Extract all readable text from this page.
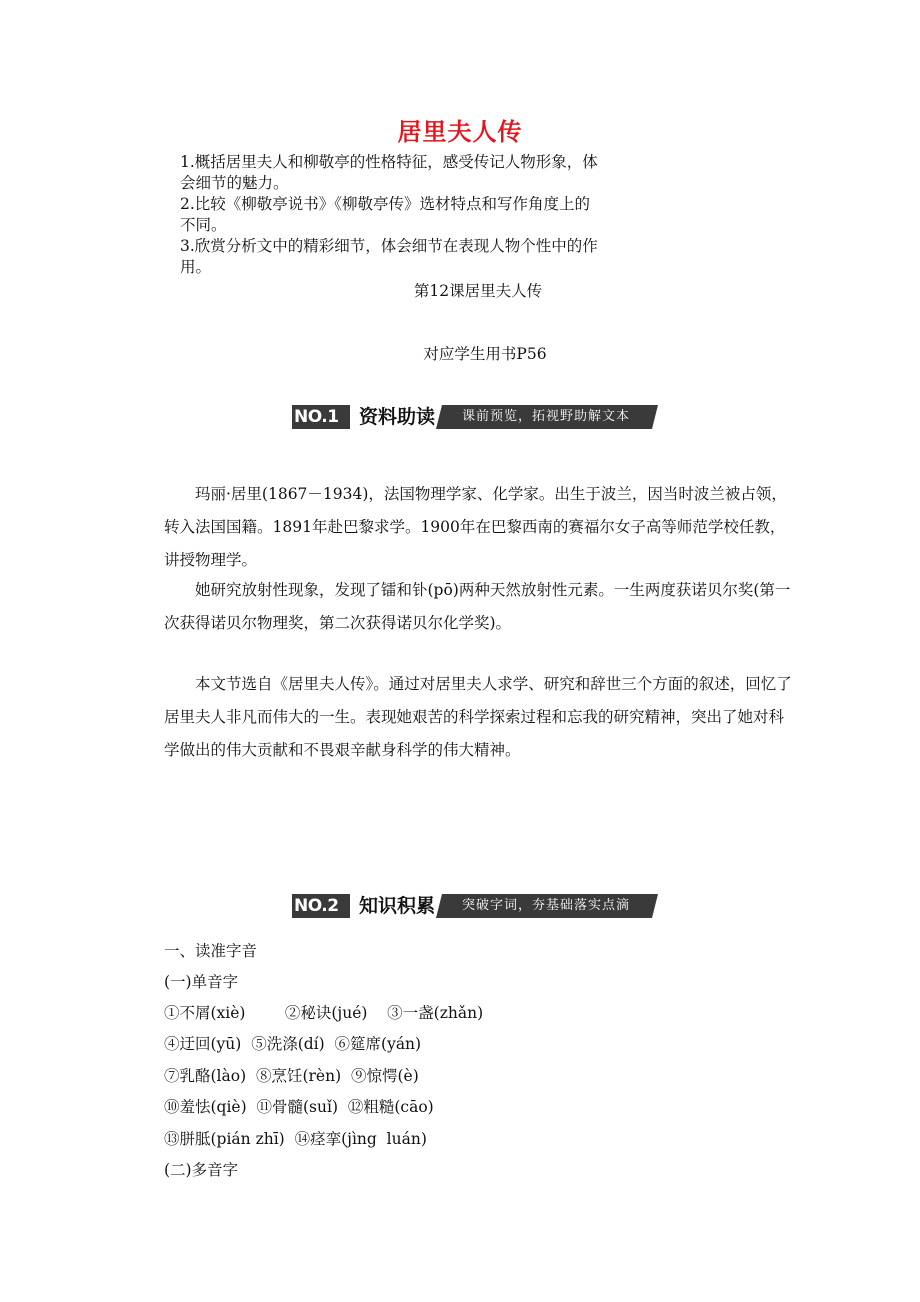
居里夫人传
1.概括居里夫人和柳敬亭的性格特征，感受传记人物形象，体会细节的魅力。
2.比较《柳敬亭说书》《柳敬亭传》选材特点和写作角度上的不同。
3.欣赏分析文中的精彩细节，体会细节在表现人物个性中的作用。
第12课居里夫人传
对应学生用书P56
NO.1	资料助读	课前预览，拓视野助解文本
玛丽·居里(1867－1934)，法国物理学家、化学家。出生于波兰，因当时波兰被占领，转入法国国籍。1891年赴巴黎求学。1900年在巴黎西南的赛福尔女子高等师范学校任教，讲授物理学。
她研究放射性现象，发现了镭和钋(pō)两种天然放射性元素。一生两度获诺贝尔奖(第一次获得诺贝尔物理奖，第二次获得诺贝尔化学奖)。
本文节选自《居里夫人传》。通过对居里夫人求学、研究和辞世三个方面的叙述，回忆了居里夫人非凡而伟大的一生。表现她艰苦的科学探索过程和忘我的研究精神，突出了她对科学做出的伟大贡献和不畏艰辛献身科学的伟大精神。
NO.2	知识积累	突破字词，夯基础落实点滴
一、读准字音
(一)单音字
①不屑(xiè)        ②秘诀(jué)    ③一盏(zhǎn)
④迂回(yū)  ⑤洗涤(dí)  ⑥筵席(yán)
⑦乳酪(lào)  ⑧烹饪(rèn)  ⑨惊愕(è)
⑩羞怯(qiè)  ⑪骨髓(suǐ)  ⑫粗糙(cāo)
⑬胼胝(pián zhī)  ⑭痉挛(jìng  luán)
(二)多音字
